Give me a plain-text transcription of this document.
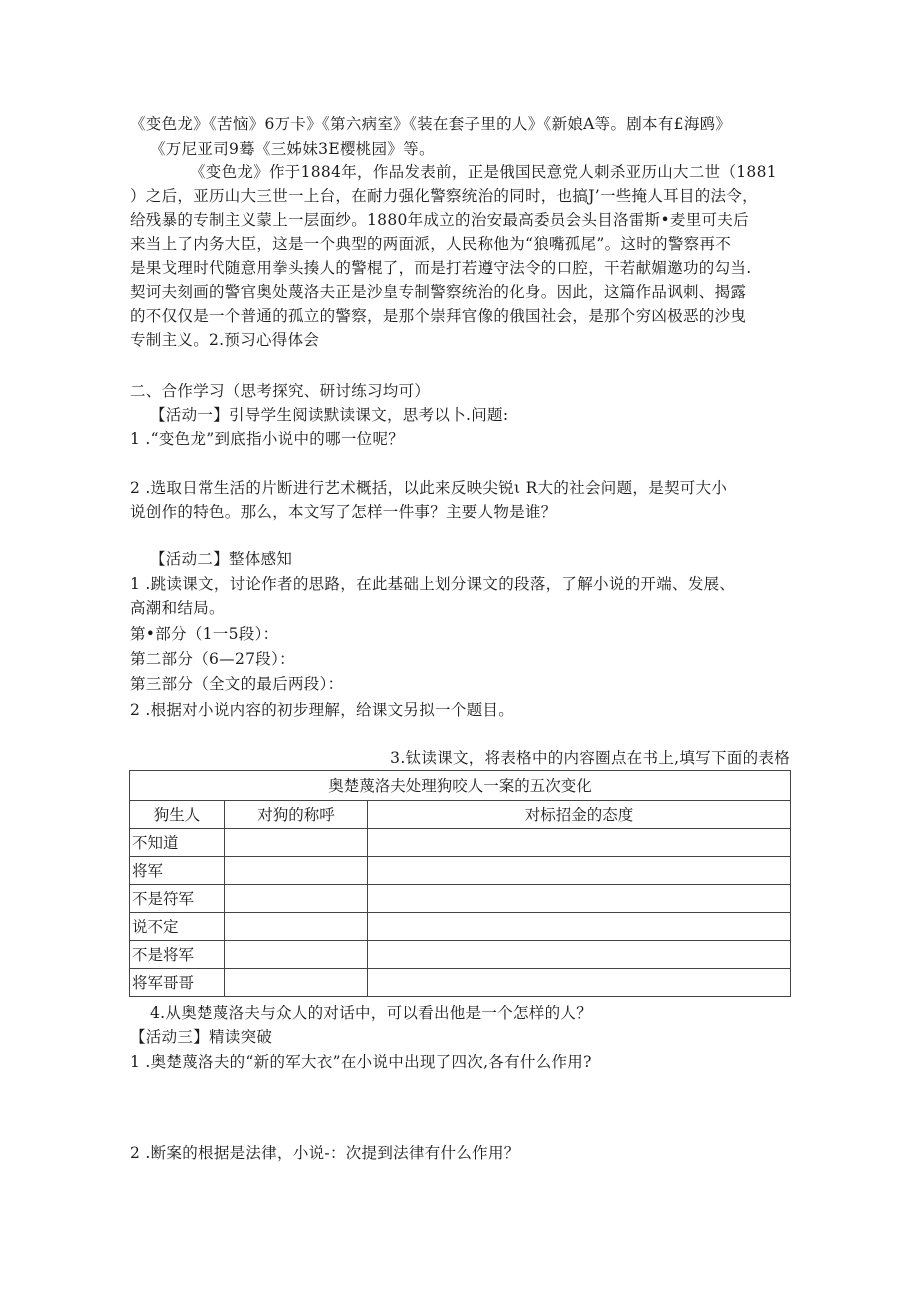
《变色龙》《苦恼》6万卡》《第六病室》《装在套子里的人》《新娘A等。剧本有£海鸥》
《万尼亚司9蓦《三姊妹3E樱桃园》等。
《变色龙》作于1884年，作品发表前，正是俄国民意党人刺杀亚历山大二世（1881
）之后，亚历山大三世一上台，在耐力强化警察统治的同时，也搞J’一些掩人耳目的法令，
给残暴的专制主义蒙上一层面纱。1880年成立的治安最高委员会头目洛雷斯•麦里可夫后
来当上了内务大臣，这是一个典型的两面派，人民称他为“狼嘴孤尾”。这时的警察再不
是果戈理时代随意用拳头揍人的警棍了，而是打若遵守法令的口腔，干若献媚邀功的勾当.
契诃夫刻画的警官奥处蔑洛夫正是沙皇专制警察统治的化身。因此，这篇作品讽刺、揭露
的不仅仅是一个普通的孤立的警察，是那个崇拜官像的俄国社会，是那个穷凶极恶的沙曳
专制主义。2.预习心得体会
二、合作学习（思考探究、研讨练习均可）
【活动一】引导学生阅读默读课文，思考以卜.问题:
1 .“变色龙”到底指小说中的哪一位呢？
2 .选取日常生活的片断进行艺术概括，以此来反映尖锐ι R大的社会问题，是契可大小
说创作的特色。那么，本文写了怎样一件事？主要人物是谁？
【活动二】整体感知
1 .跳读课文，讨论作者的思路，在此基础上划分课文的段落，了解小说的开端、发展、
高潮和结局。
第•部分（1一5段）：
第二部分（6—27段）：
第三部分（全文的最后两段）：
2 .根据对小说内容的初步理解，给课文另拟一个题目。
3.钛读课文，将表格中的内容圈点在书上,填写下面的表格
奥楚蔑洛夫处理狗咬人一案的五次变化		
狗生人	对狗的称呼	对标招金的态度
不知道		
将军		
不是符军		
说不定		
不是将军		
将军哥哥		
4.从奥楚蔑洛夫与众人的对话中，可以看出他是一个怎样的人？
【活动三】精读突破
1 .奥楚蔑洛夫的“新的军大衣”在小说中出现了四次,各有什么作用?
2 .断案的根据是法律，小说-：次提到法律有什么作用？
